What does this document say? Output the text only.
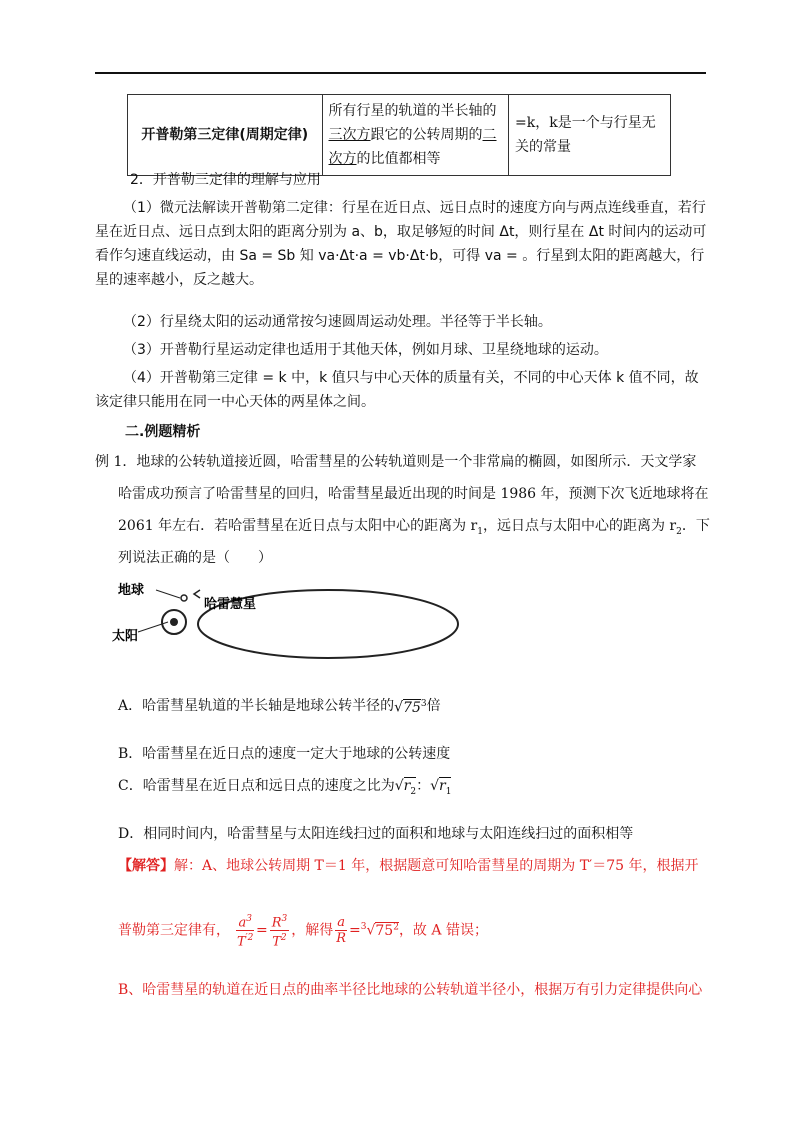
开普勒第三定律(周期定律)	所有行星的轨道的半长轴的三次方跟它的公转周期的二次方的比值都相等	=k，k是一个与行星无关的常量
2．开普勒三定律的理解与应用
（1）微元法解读开普勒第二定律：行星在近日点、远日点时的速度方向与两点连线垂直，若行星在近日点、远日点到太阳的距离分别为 a、b，取足够短的时间 Δt，则行星在 Δt 时间内的运动可看作匀速直线运动，由 Sa = Sb 知 va·Δt·a = vb·Δt·b，可得 va = 。行星到太阳的距离越大，行星的速率越小，反之越大。
（2）行星绕太阳的运动通常按匀速圆周运动处理。半径等于半长轴。
（3）开普勒行星运动定律也适用于其他天体，例如月球、卫星绕地球的运动。
（4）开普勒第三定律 = k 中，k 值只与中心天体的质量有关，不同的中心天体 k 值不同，故该定律只能用在同一中心天体的两星体之间。
二.例题精析
例 1．地球的公转轨道接近圆，哈雷彗星的公转轨道则是一个非常扁的椭圆，如图所示．天文学家
哈雷成功预言了哈雷彗星的回归，哈雷彗星最近出现的时间是 1986 年，预测下次飞近地球将在
2061 年左右．若哈雷彗星在近日点与太阳中心的距离为 $r_1$，远日点与太阳中心的距离为 $r_2$．下
列说法正确的是（　　）
地球
哈雷慧星
太阳
A．哈雷彗星轨道的半长轴是地球公转半径的$√75^3$倍
B．哈雷彗星在近日点的速度一定大于地球的公转速度
C．哈雷彗星在近日点和远日点的速度之比为$√r_2$：$√r_1$
D．相同时间内，哈雷彗星与太阳连线扫过的面积和地球与太阳连线扫过的面积相等
【解答】解：A、地球公转周期 T＝1 年，根据题意可知哈雷彗星的周期为 T′＝75 年，根据开
普勒第三定律有， $\frac{a^3}{T^{'2}} = \frac{R^3}{T^2}$ ，解得 $\frac{a}{R} =^3√75^2$，故 A 错误；
B、哈雷彗星的轨道在近日点的曲率半径比地球的公转轨道半径小，根据万有引力定律提供向心
